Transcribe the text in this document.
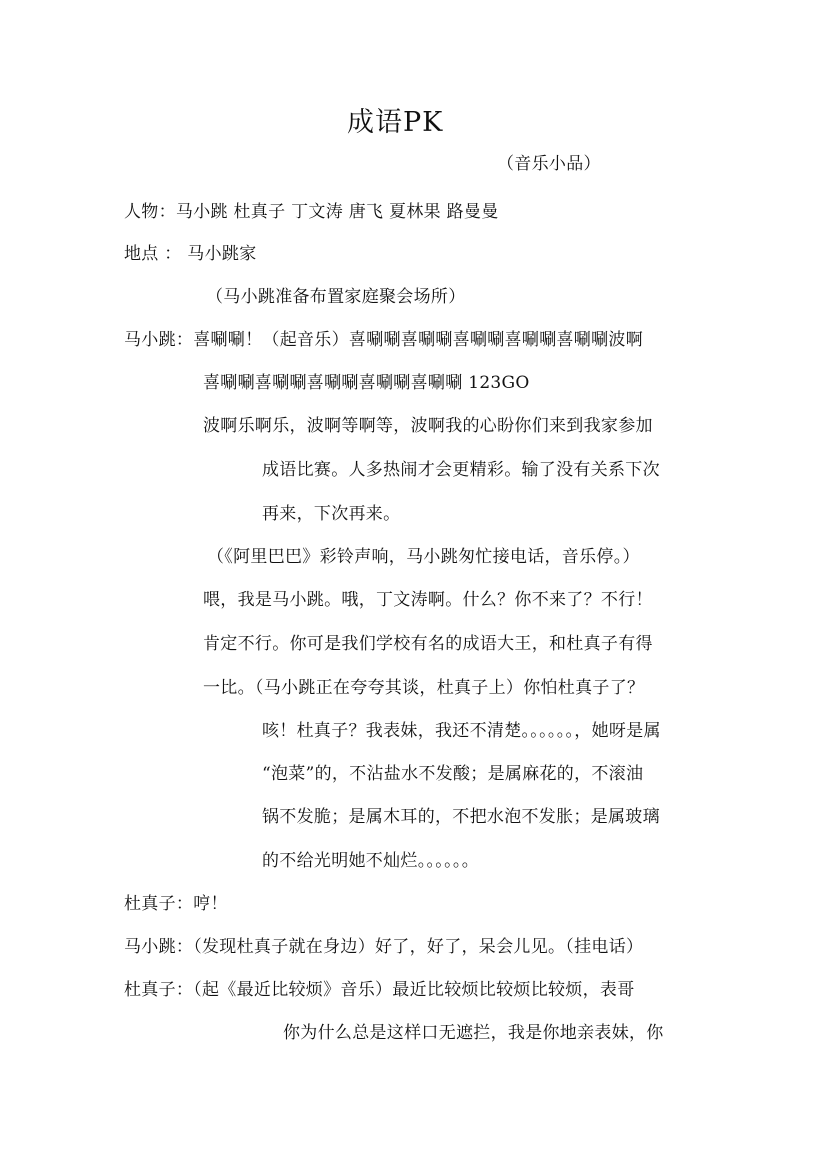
成语PK
（音乐小品）
人物：马小跳 杜真子 丁文涛 唐飞 夏林果 路曼曼
地点 ： 马小跳家
（马小跳准备布置家庭聚会场所）
马小跳：喜唰唰！（起音乐）喜唰唰喜唰唰喜唰唰喜唰唰喜唰唰波啊
喜唰唰喜唰唰喜唰唰喜唰唰喜唰唰 123GO
波啊乐啊乐，波啊等啊等，波啊我的心盼你们来到我家参加
成语比赛。人多热闹才会更精彩。输了没有关系下次
再来，下次再来。
（《阿里巴巴》彩铃声响，马小跳匆忙接电话，音乐停。）
喂，我是马小跳。哦，丁文涛啊。什么？你不来了？不行！
肯定不行。你可是我们学校有名的成语大王，和杜真子有得
一比。（马小跳正在夸夸其谈，杜真子上）你怕杜真子了？
咳！杜真子？我表妹，我还不清楚。。。。。。，她呀是属
“泡菜”的，不沾盐水不发酸；是属麻花的，不滚油
锅不发脆；是属木耳的，不把水泡不发胀；是属玻璃
的不给光明她不灿烂。。。。。。
杜真子：哼！
马小跳：（发现杜真子就在身边）好了，好了，呆会儿见。（挂电话）
杜真子：（起《最近比较烦》音乐）最近比较烦比较烦比较烦，表哥
你为什么总是这样口无遮拦，我是你地亲表妹，你
